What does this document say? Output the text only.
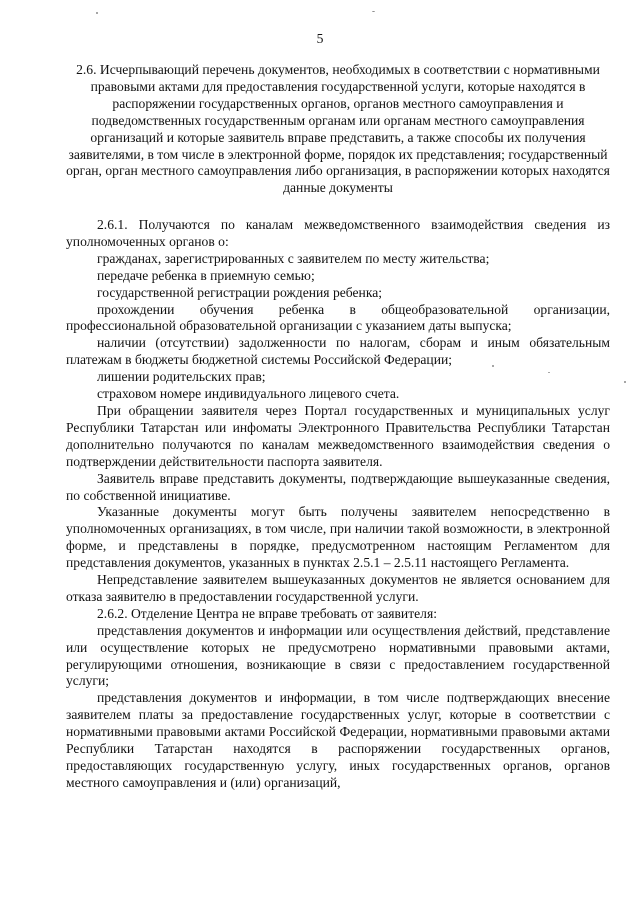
5
2.6. Исчерпывающий перечень документов, необходимых в соответствии с нормативными правовыми актами для предоставления государственной услуги, которые находятся в распоряжении государственных органов, органов местного самоуправления и подведомственных государственным органам или органам местного самоуправления организаций и которые заявитель вправе представить, а также способы их получения заявителями, в том числе в электронной форме, порядок их представления; государственный орган, орган местного самоуправления либо организация, в распоряжении которых находятся данные документы

2.6.1. Получаются по каналам межведомственного взаимодействия сведения из уполномоченных органов о:

гражданах, зарегистрированных с заявителем по месту жительства;

передаче ребенка в приемную семью;

государственной регистрации рождения ребенка;

прохождении обучения ребенка в общеобразовательной организации, профессиональной образовательной организации с указанием даты выпуска;

наличии (отсутствии) задолженности по налогам, сборам и иным обязательным платежам в бюджеты бюджетной системы Российской Федерации;

лишении родительских прав;

страховом номере индивидуального лицевого счета.

При обращении заявителя через Портал государственных и муниципальных услуг Республики Татарстан или инфоматы Электронного Правительства Республики Татарстан дополнительно получаются по каналам межведомственного взаимодействия сведения о подтверждении действительности паспорта заявителя.

Заявитель вправе представить документы, подтверждающие вышеуказанные сведения, по собственной инициативе.

Указанные документы могут быть получены заявителем непосредственно в уполномоченных организациях, в том числе, при наличии такой возможности, в электронной форме, и представлены в порядке, предусмотренном настоящим Регламентом для представления документов, указанных в пунктах 2.5.1 – 2.5.11 настоящего Регламента.

Непредставление заявителем вышеуказанных документов не является основанием для отказа заявителю в предоставлении государственной услуги.

2.6.2. Отделение Центра не вправе требовать от заявителя:

представления документов и информации или осуществления действий, представление или осуществление которых не предусмотрено нормативными правовыми актами, регулирующими отношения, возникающие в связи с предоставлением государственной услуги;

представления документов и информации, в том числе подтверждающих внесение заявителем платы за предоставление государственных услуг, которые в соответствии с нормативными правовыми актами Российской Федерации, нормативными правовыми актами Республики Татарстан находятся в распоряжении государственных органов, предоставляющих государственную услугу, иных государственных органов, органов местного самоуправления и (или) организаций,
